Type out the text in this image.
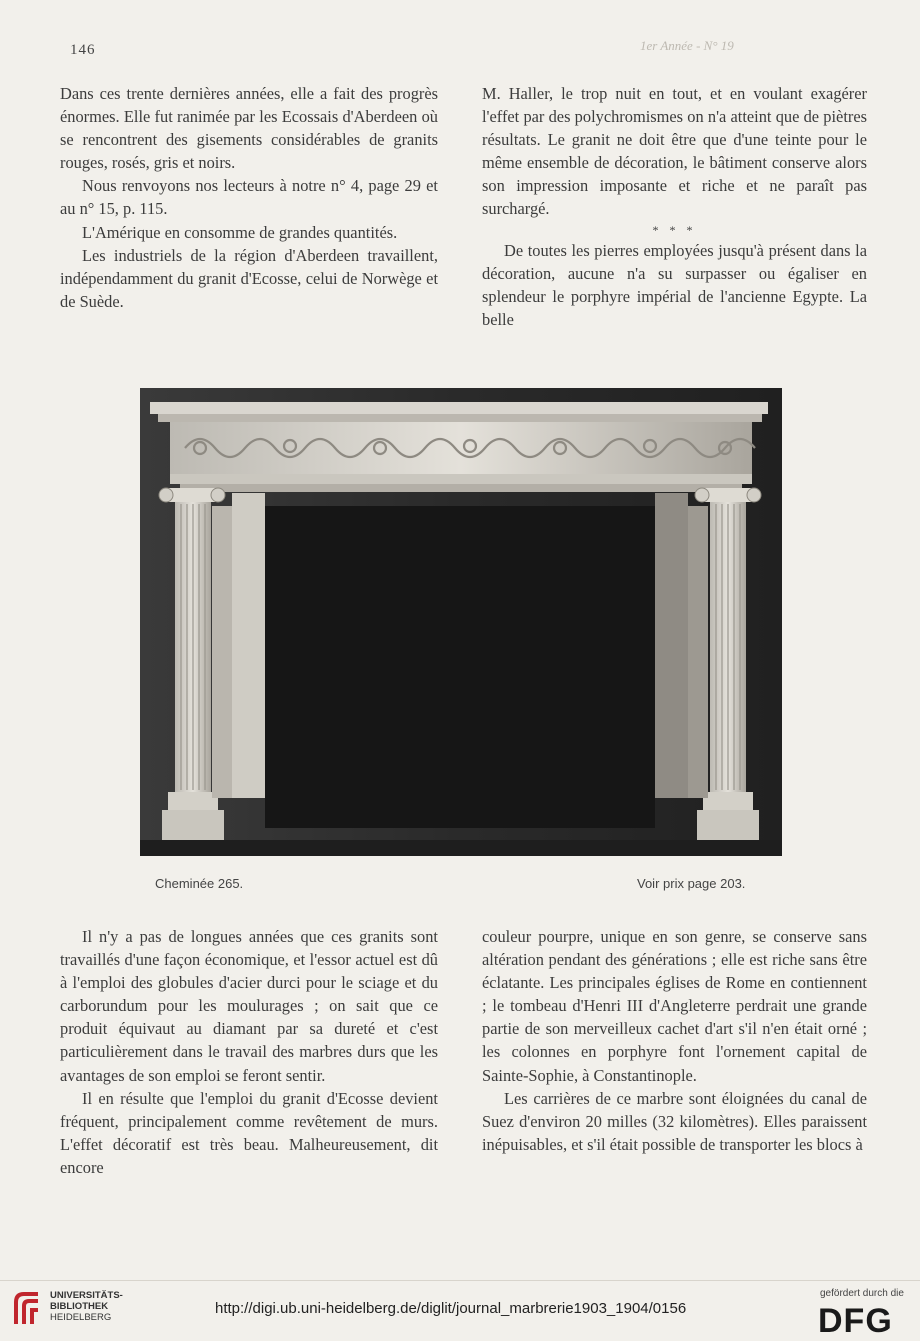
146	1er Année - N° 19

Dans ces trente dernières années, elle a fait des progrès énormes. Elle fut ranimée par les Ecossais d'Aberdeen où se rencontrent des gisements considérables de granits rouges, rosés, gris et noirs.

Nous renvoyons nos lecteurs à notre n° 4, page 29 et au n° 15, p. 115.

L'Amérique en consomme de grandes quantités.

Les industriels de la région d'Aberdeen travaillent, indépendamment du granit d'Ecosse, celui de Norwège et de Suède.

M. Haller, le trop nuit en tout, et en voulant exagérer l'effet par des polychromismes on n'a atteint que de piètres résultats. Le granit ne doit être que d'une teinte pour le même ensemble de décoration, le bâtiment conserve alors son impression imposante et riche et ne paraît pas surchargé.

* * *

De toutes les pierres employées jusqu'à présent dans la décoration, aucune n'a su surpasser ou égaliser en splendeur le porphyre impérial de l'ancienne Egypte. La belle

Cheminée 265.	Voir prix page 203.

Il n'y a pas de longues années que ces granits sont travaillés d'une façon économique, et l'essor actuel est dû à l'emploi des globules d'acier durci pour le sciage et du carborundum pour les moulurages ; on sait que ce produit équivaut au diamant par sa dureté et c'est particulièrement dans le travail des marbres durs que les avantages de son emploi se feront sentir.

Il en résulte que l'emploi du granit d'Ecosse devient fréquent, principalement comme revêtement de murs. L'effet décoratif est très beau. Malheureusement, dit encore

couleur pourpre, unique en son genre, se conserve sans altération pendant des générations ; elle est riche sans être éclatante. Les principales églises de Rome en contiennent ; le tombeau d'Henri III d'Angleterre perdrait une grande partie de son merveilleux cachet d'art s'il n'en était orné ; les colonnes en porphyre font l'ornement capital de Sainte-Sophie, à Constantinople.

Les carrières de ce marbre sont éloignées du canal de Suez d'environ 20 milles (32 kilomètres). Elles paraissent inépuisables, et s'il était possible de transporter les blocs à

UNIVERSITÄTS-
BIBLIOTHEK
HEIDELBERG
http://digi.ub.uni-heidelberg.de/diglit/journal_marbrerie1903_1904/0156
gefördert durch die
DFG
